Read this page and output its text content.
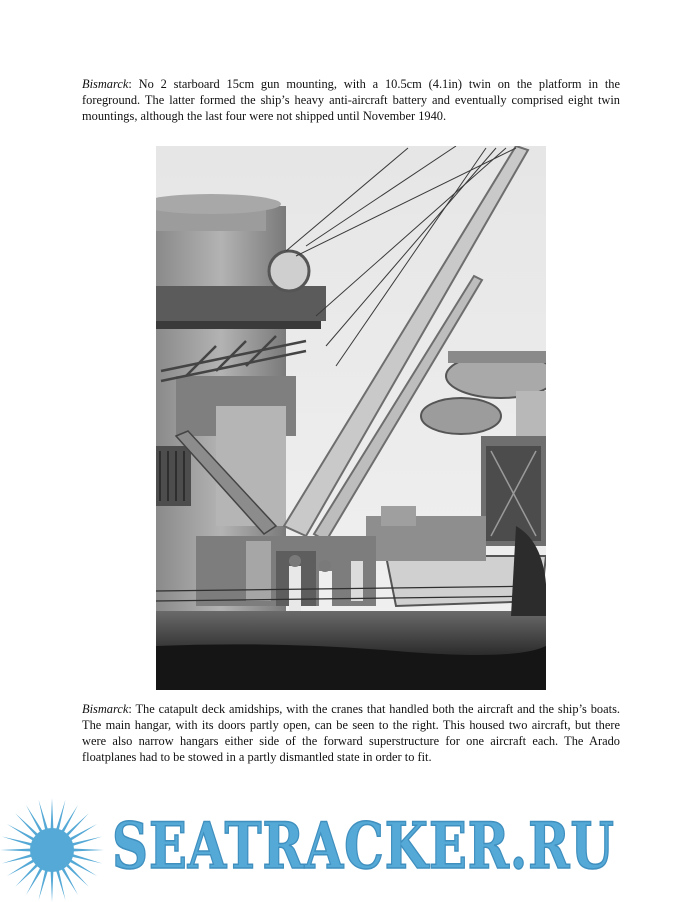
Bismarck: No 2 starboard 15cm gun mounting, with a 10.5cm (4.1in) twin on the platform in the foreground. The latter formed the ship’s heavy anti-aircraft battery and eventually comprised eight twin mountings, although the last four were not shipped until November 1940.

Bismarck: The catapult deck amidships, with the cranes that handled both the aircraft and the ship’s boats. The main hangar, with its doors partly open, can be seen to the right. This housed two aircraft, but there were also narrow hangars either side of the forward superstructure for one aircraft each. The Arado floatplanes had to be stowed in a partly dismantled state in order to fit.

SEATRACKER.RU
